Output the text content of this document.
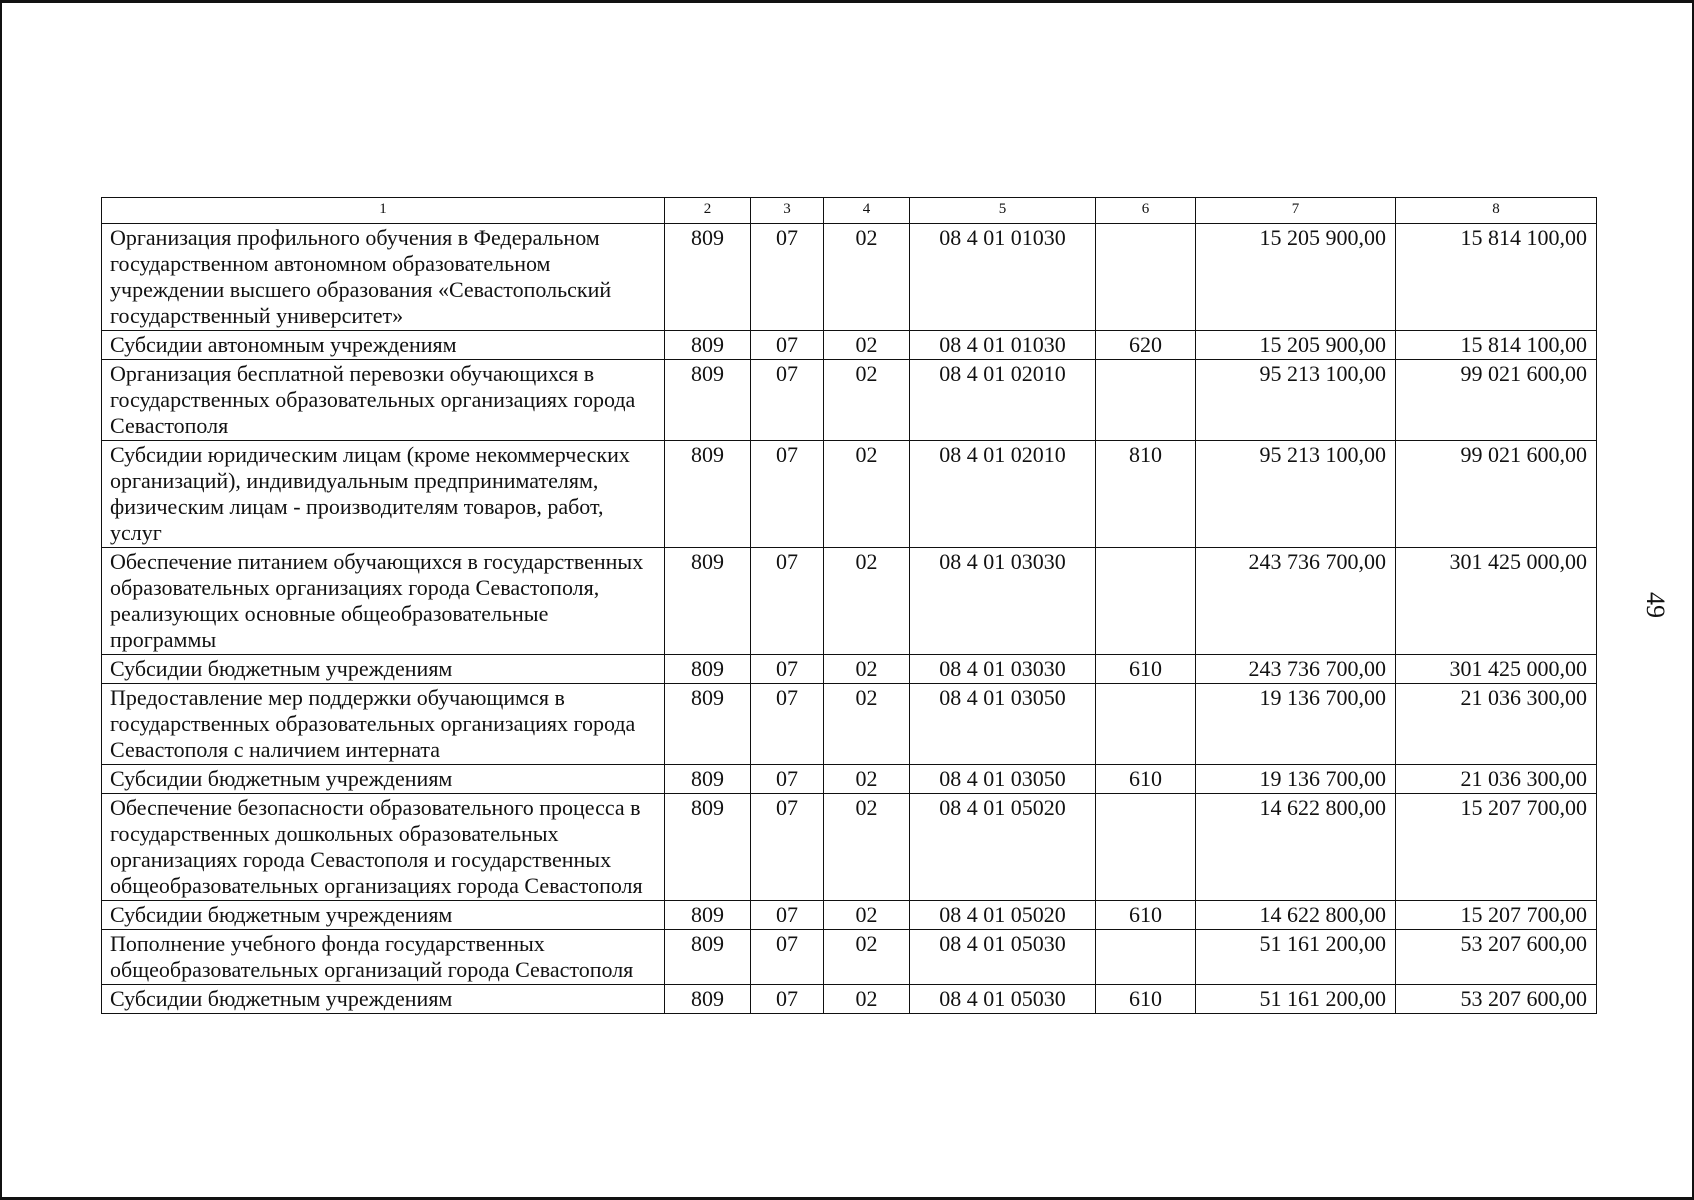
1	2	3	4	5	6	7	8
Организация профильного обучения в Федеральном государственном автономном образовательном учреждении высшего образования «Севастопольский государственный университет»	809	07	02	08 4 01 01030		15 205 900,00	15 814 100,00
Субсидии автономным учреждениям	809	07	02	08 4 01 01030	620	15 205 900,00	15 814 100,00
Организация бесплатной перевозки обучающихся в государственных образовательных организациях города Севастополя	809	07	02	08 4 01 02010		95 213 100,00	99 021 600,00
Субсидии юридическим лицам (кроме некоммерческих организаций), индивидуальным предпринимателям, физическим лицам - производителям товаров, работ, услуг	809	07	02	08 4 01 02010	810	95 213 100,00	99 021 600,00
Обеспечение питанием обучающихся в государственных образовательных организациях города Севастополя, реализующих основные общеобразовательные программы	809	07	02	08 4 01 03030		243 736 700,00	301 425 000,00
Субсидии бюджетным учреждениям	809	07	02	08 4 01 03030	610	243 736 700,00	301 425 000,00
Предоставление мер поддержки обучающимся в государственных образовательных организациях города Севастополя с наличием интерната	809	07	02	08 4 01 03050		19 136 700,00	21 036 300,00
Субсидии бюджетным учреждениям	809	07	02	08 4 01 03050	610	19 136 700,00	21 036 300,00
Обеспечение безопасности образовательного процесса в государственных дошкольных образовательных организациях города Севастополя и государственных общеобразовательных организациях города Севастополя	809	07	02	08 4 01 05020		14 622 800,00	15 207 700,00
Субсидии бюджетным учреждениям	809	07	02	08 4 01 05020	610	14 622 800,00	15 207 700,00
Пополнение учебного фонда государственных общеобразовательных организаций города Севастополя	809	07	02	08 4 01 05030		51 161 200,00	53 207 600,00
Субсидии бюджетным учреждениям	809	07	02	08 4 01 05030	610	51 161 200,00	53 207 600,00
49
